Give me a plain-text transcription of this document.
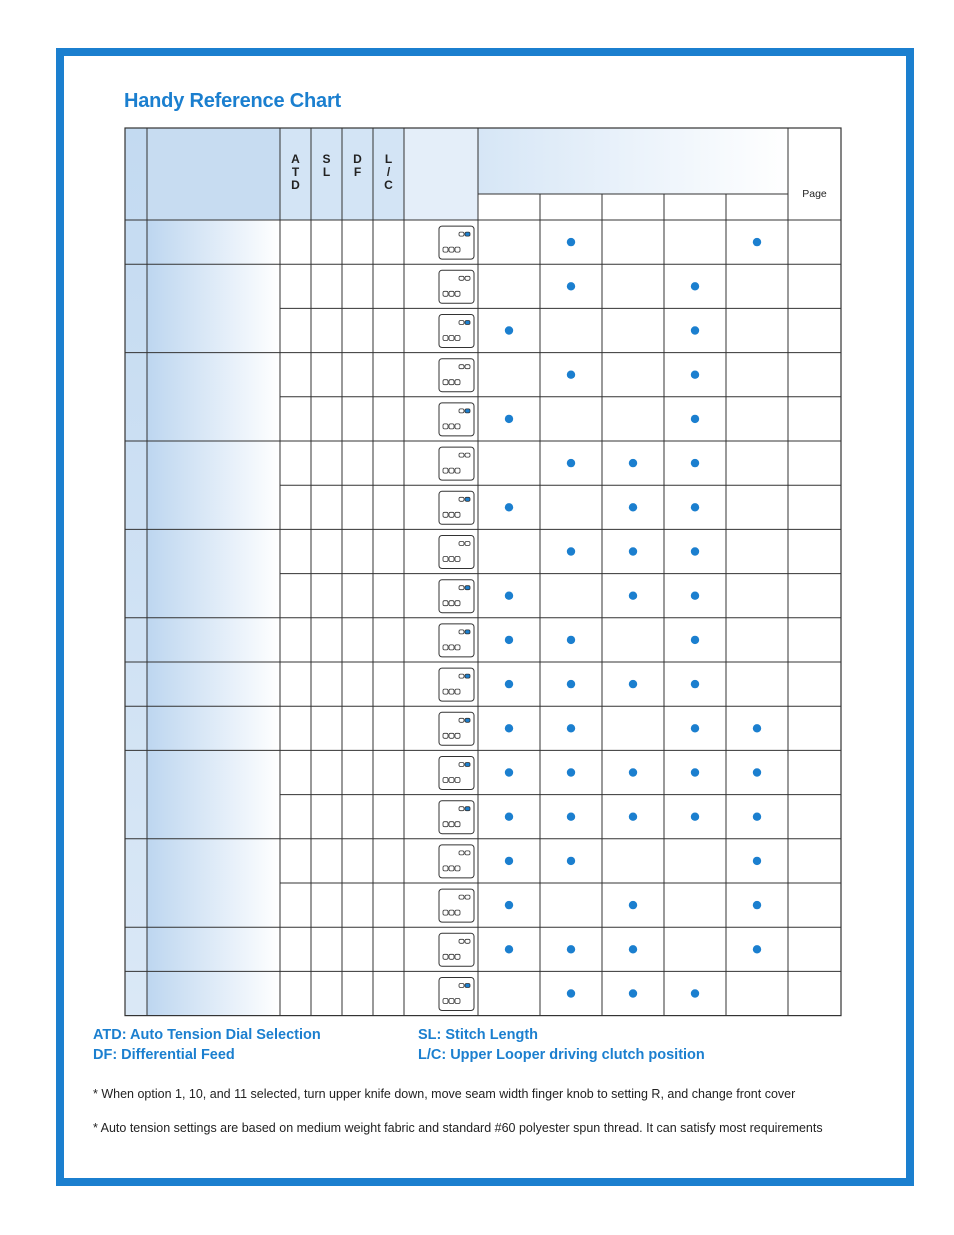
Handy Reference Chart
A
T
D
S
L
D
F
L
/
C
Page
ATD: Auto Tension Dial Selection	SL: Stitch Length
DF: Differential Feed	L/C: Upper Looper driving clutch position
* When option 1, 10, and 11 selected, turn upper knife down, move seam width finger knob to setting R, and change front cover
* Auto tension settings are based on medium weight fabric and standard #60 polyester spun thread. It can satisfy most requirements
